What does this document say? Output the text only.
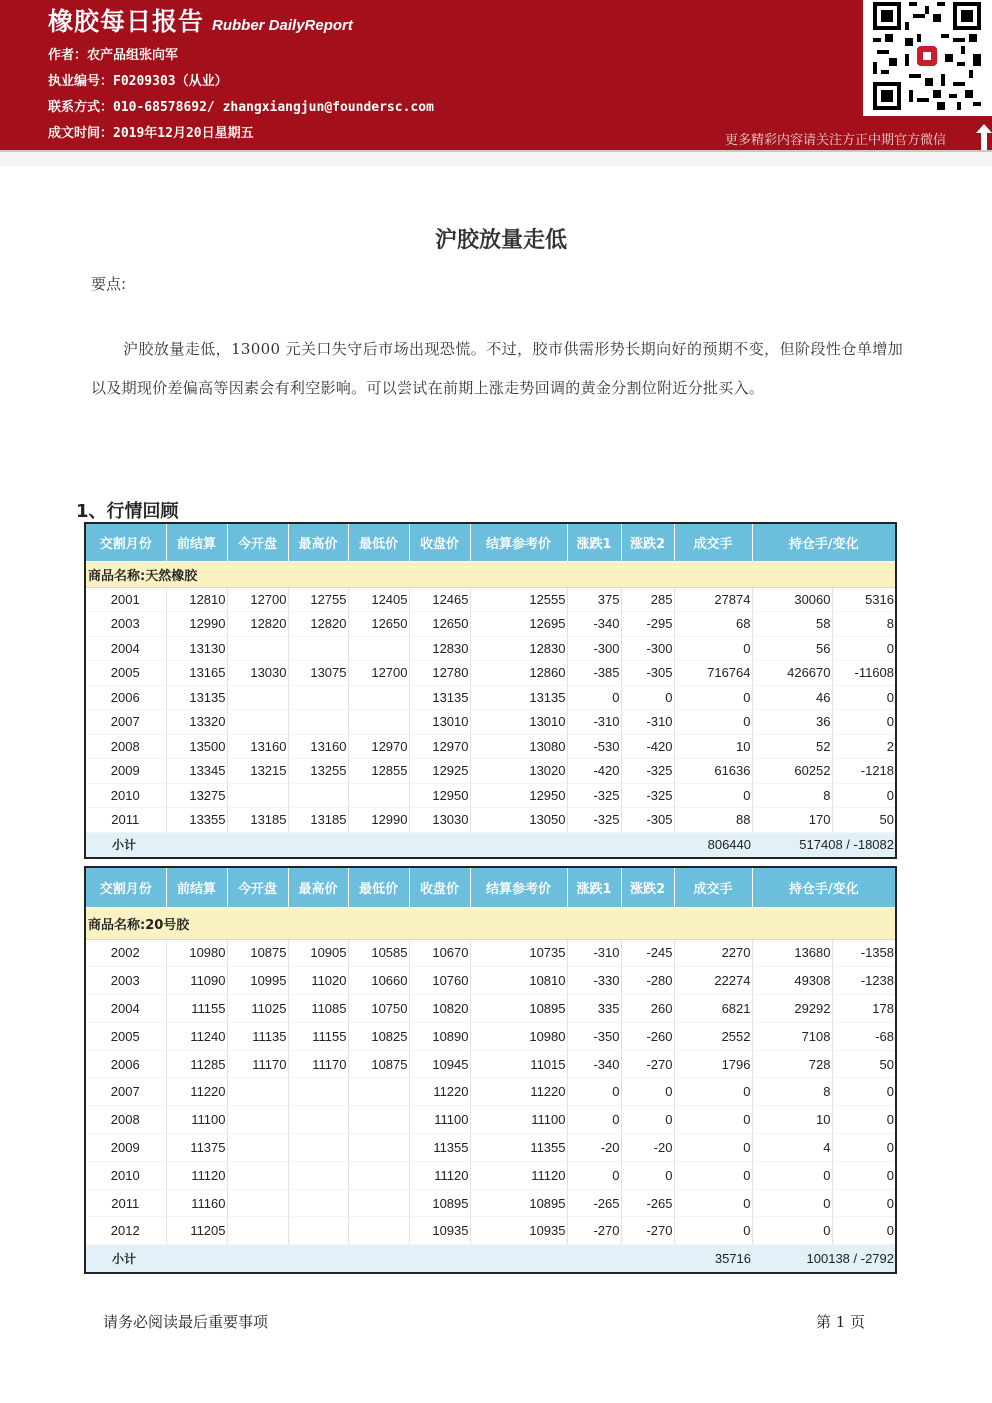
橡胶每日报告 Rubber DailyReport
作者：农产品组张向军
执业编号：F0209303（从业）
联系方式：010-68578692/ zhangxiangjun@foundersc.com
成文时间：2019年12月20日星期五	更多精彩内容请关注方正中期官方微信
沪胶放量走低
要点:

沪胶放量走低，13000 元关口失守后市场出现恐慌。不过，胶市供需形势长期向好的预期不变，但阶段性仓单增加以及期现价差偏高等因素会有利空影响。可以尝试在前期上涨走势回调的黄金分割位附近分批买入。

1、行情回顾
交割月份	前结算	今开盘	最高价	最低价	收盘价	结算参考价	涨跌1	涨跌2	成交手	持仓手/变化	
商品名称:天然橡胶											
2001	12810	12700	12755	12405	12465	12555	375	285	27874	30060	5316
2003	12990	12820	12820	12650	12650	12695	-340	-295	68	58	8
2004	13130				12830	12830	-300	-300	0	56	0
2005	13165	13030	13075	12700	12780	12860	-385	-305	716764	426670	-11608
2006	13135				13135	13135	0	0	0	46	0
2007	13320				13010	13010	-310	-310	0	36	0
2008	13500	13160	13160	12970	12970	13080	-530	-420	10	52	2
2009	13345	13215	13255	12855	12925	13020	-420	-325	61636	60252	-1218
2010	13275				12950	12950	-325	-325	0	8	0
2011	13355	13185	13185	12990	13030	13050	-325	-305	88	170	50
小计									806440	517408 / -18082	
交割月份	前结算	今开盘	最高价	最低价	收盘价	结算参考价	涨跌1	涨跌2	成交手	持仓手/变化	
商品名称:20号胶											
2002	10980	10875	10905	10585	10670	10735	-310	-245	2270	13680	-1358
2003	11090	10995	11020	10660	10760	10810	-330	-280	22274	49308	-1238
2004	11155	11025	11085	10750	10820	10895	335	260	6821	29292	178
2005	11240	11135	11155	10825	10890	10980	-350	-260	2552	7108	-68
2006	11285	11170	11170	10875	10945	11015	-340	-270	1796	728	50
2007	11220				11220	11220	0	0	0	8	0
2008	11100				11100	11100	0	0	0	10	0
2009	11375				11355	11355	-20	-20	0	4	0
2010	11120				11120	11120	0	0	0	0	0
2011	11160				10895	10895	-265	-265	0	0	0
2012	11205				10935	10935	-270	-270	0	0	0
小计									35716	100138 / -2792	
请务必阅读最后重要事项	第 1 页
